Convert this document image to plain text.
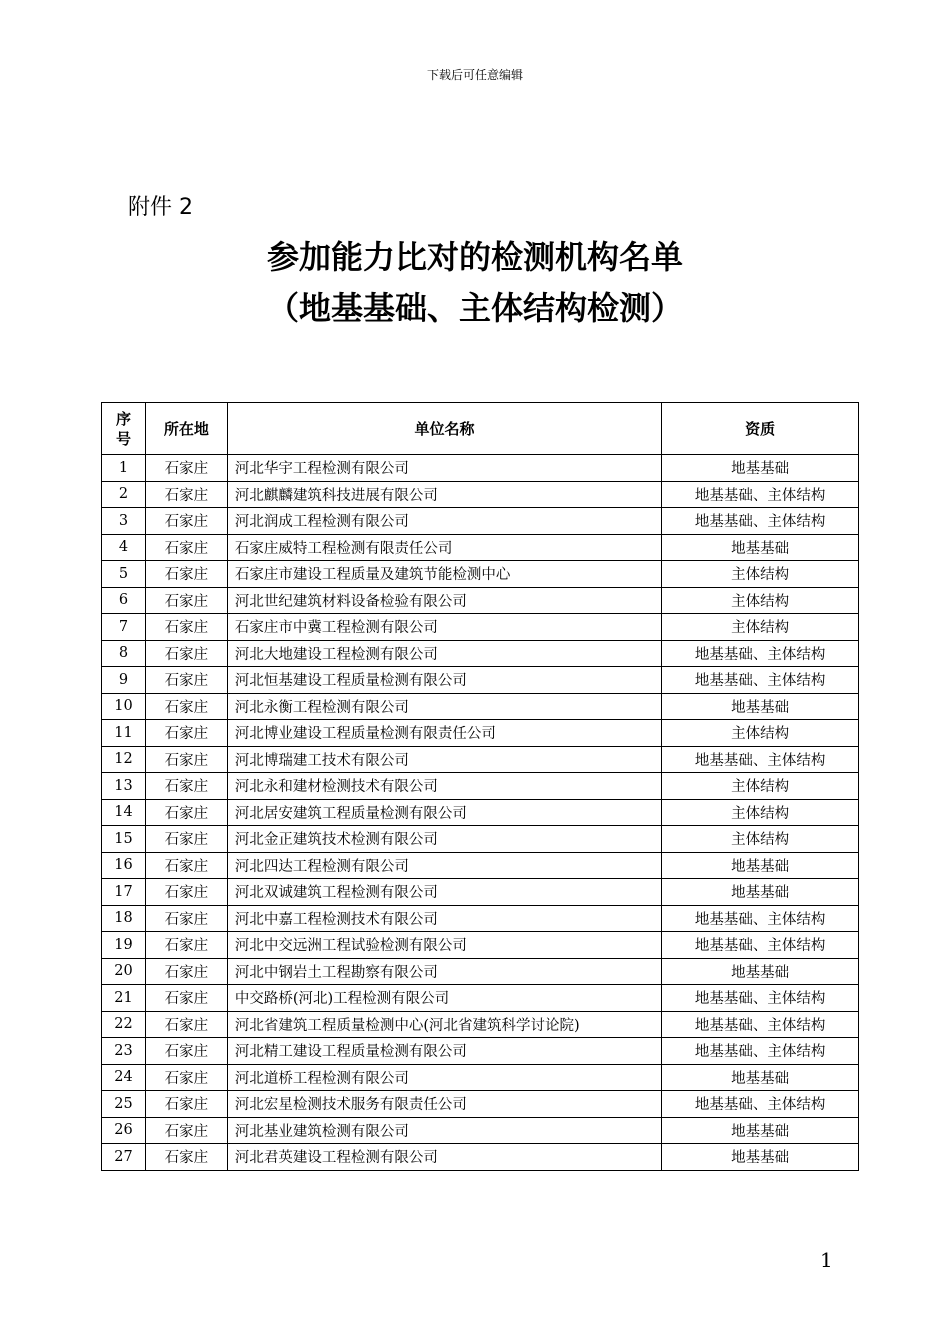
下载后可任意编辑
附件 2
参加能力比对的检测机构名单
（地基基础、主体结构检测）
序号	所在地	单位名称	资质
1	石家庄	河北华宇工程检测有限公司	地基基础
2	石家庄	河北麒麟建筑科技进展有限公司	地基基础、主体结构
3	石家庄	河北润成工程检测有限公司	地基基础、主体结构
4	石家庄	石家庄威特工程检测有限责任公司	地基基础
5	石家庄	石家庄市建设工程质量及建筑节能检测中心	主体结构
6	石家庄	河北世纪建筑材料设备检验有限公司	主体结构
7	石家庄	石家庄市中冀工程检测有限公司	主体结构
8	石家庄	河北大地建设工程检测有限公司	地基基础、主体结构
9	石家庄	河北恒基建设工程质量检测有限公司	地基基础、主体结构
10	石家庄	河北永衡工程检测有限公司	地基基础
11	石家庄	河北博业建设工程质量检测有限责任公司	主体结构
12	石家庄	河北博瑞建工技术有限公司	地基基础、主体结构
13	石家庄	河北永和建材检测技术有限公司	主体结构
14	石家庄	河北居安建筑工程质量检测有限公司	主体结构
15	石家庄	河北金正建筑技术检测有限公司	主体结构
16	石家庄	河北四达工程检测有限公司	地基基础
17	石家庄	河北双诚建筑工程检测有限公司	地基基础
18	石家庄	河北中嘉工程检测技术有限公司	地基基础、主体结构
19	石家庄	河北中交远洲工程试验检测有限公司	地基基础、主体结构
20	石家庄	河北中钢岩土工程勘察有限公司	地基基础
21	石家庄	中交路桥(河北)工程检测有限公司	地基基础、主体结构
22	石家庄	河北省建筑工程质量检测中心(河北省建筑科学讨论院)	地基基础、主体结构
23	石家庄	河北精工建设工程质量检测有限公司	地基基础、主体结构
24	石家庄	河北道桥工程检测有限公司	地基基础
25	石家庄	河北宏星检测技术服务有限责任公司	地基基础、主体结构
26	石家庄	河北基业建筑检测有限公司	地基基础
27	石家庄	河北君英建设工程检测有限公司	地基基础
1
